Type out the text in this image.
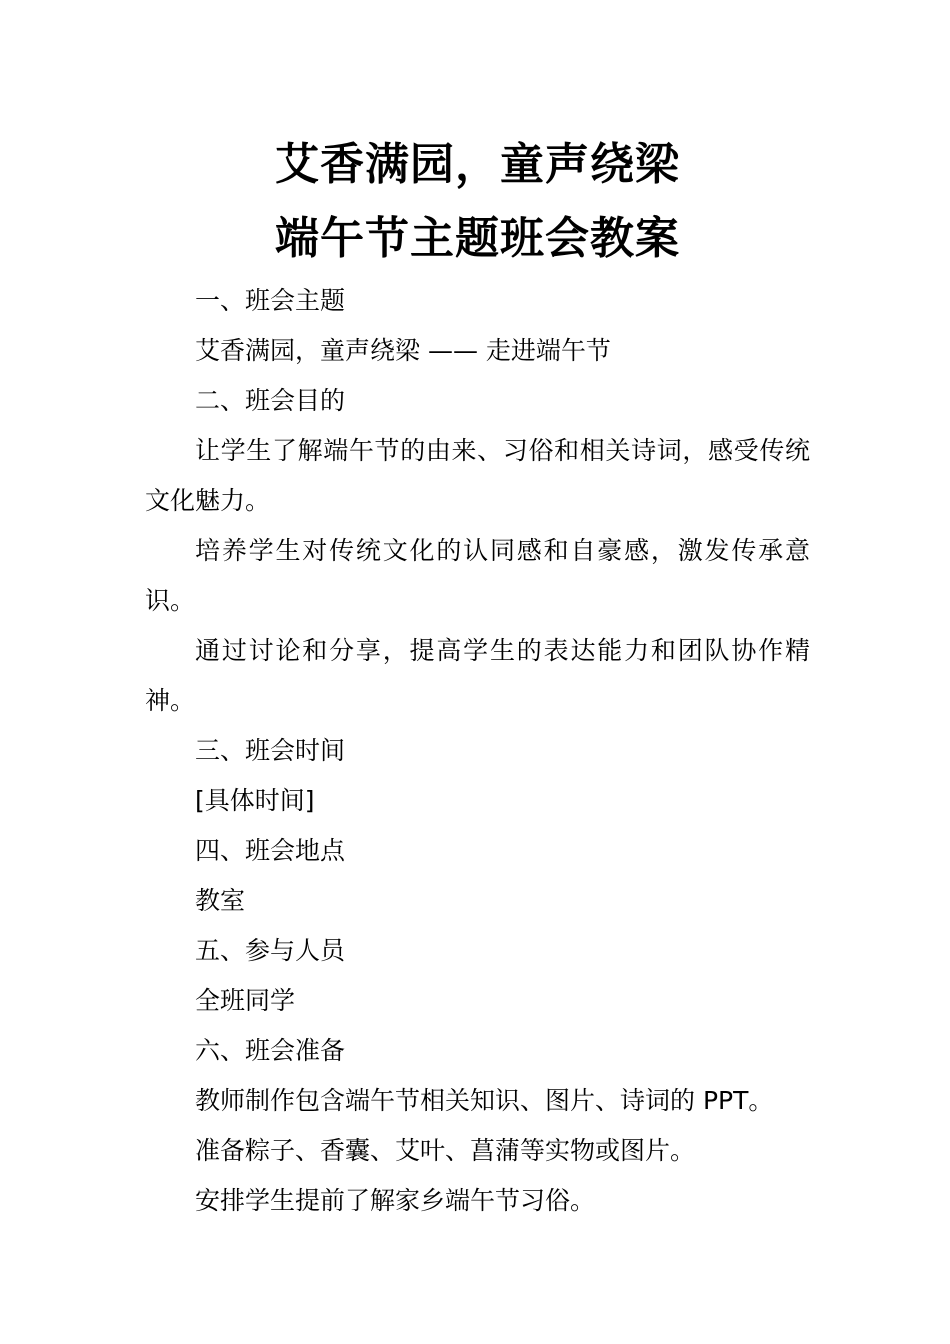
艾香满园，童声绕梁
端午节主题班会教案

一、班会主题

艾香满园，童声绕梁 —— 走进端午节

二、班会目的

让学生了解端午节的由来、习俗和相关诗词，感受传统文化魅力。

培养学生对传统文化的认同感和自豪感，激发传承意识。

通过讨论和分享，提高学生的表达能力和团队协作精神。

三、班会时间

[具体时间]

四、班会地点

教室

五、参与人员

全班同学

六、班会准备

教师制作包含端午节相关知识、图片、诗词的 PPT。

准备粽子、香囊、艾叶、菖蒲等实物或图片。

安排学生提前了解家乡端午节习俗。
